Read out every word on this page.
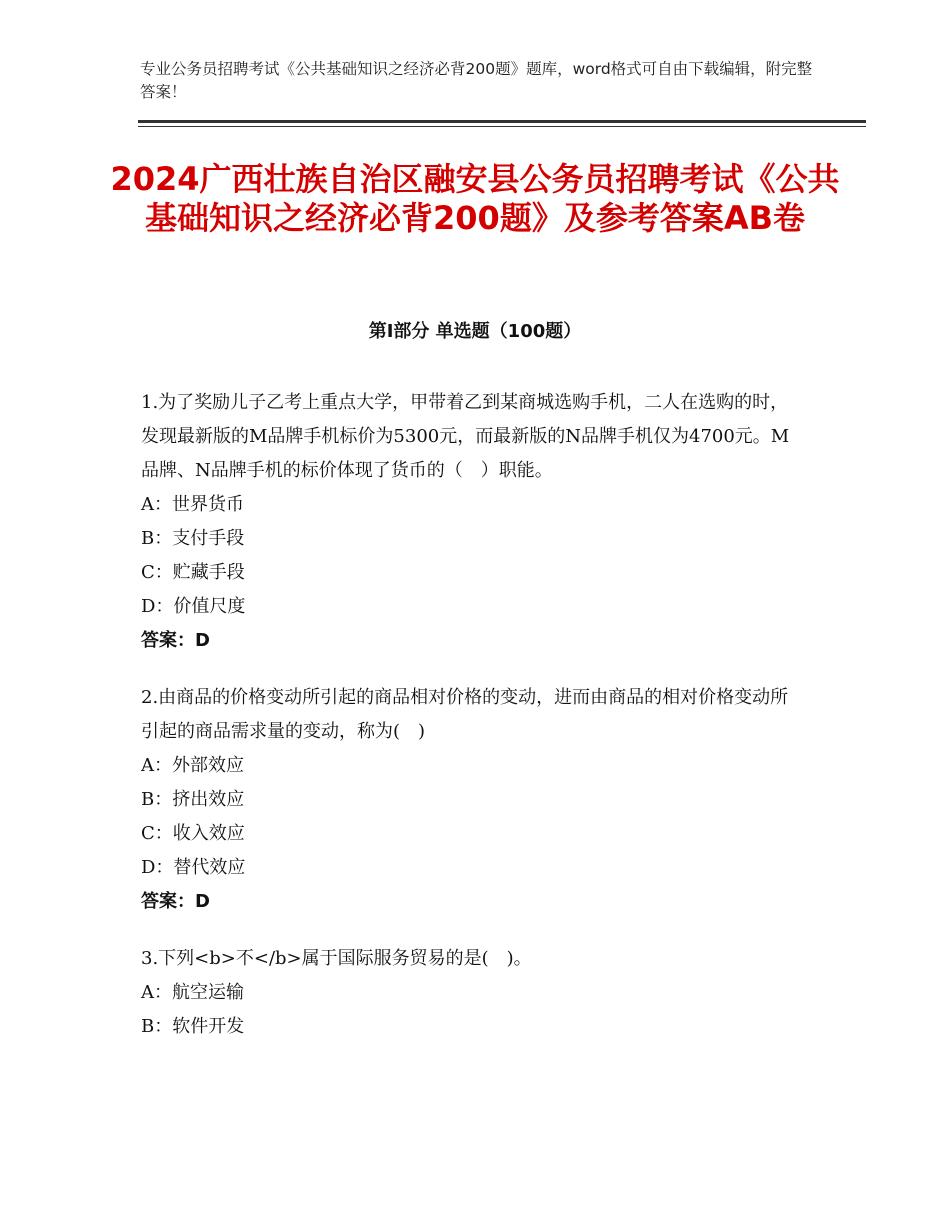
专业公务员招聘考试《公共基础知识之经济必背200题》题库，word格式可自由下载编辑，附完整答案！
2024广西壮族自治区融安县公务员招聘考试《公共基础知识之经济必背200题》及参考答案AB卷
第Ⅰ部分 单选题（100题）
1.为了奖励儿子乙考上重点大学，甲带着乙到某商城选购手机，二人在选购的时，发现最新版的M品牌手机标价为5300元，而最新版的N品牌手机仅为4700元。M品牌、N品牌手机的标价体现了货币的（　）职能。
A：世界货币
B：支付手段
C：贮藏手段
D：价值尺度
答案：D
2.由商品的价格变动所引起的商品相对价格的变动，进而由商品的相对价格变动所引起的商品需求量的变动，称为(　)
A：外部效应
B：挤出效应
C：收入效应
D：替代效应
答案：D
3.下列<b>不</b>属于国际服务贸易的是(　)。
A：航空运输
B：软件开发
